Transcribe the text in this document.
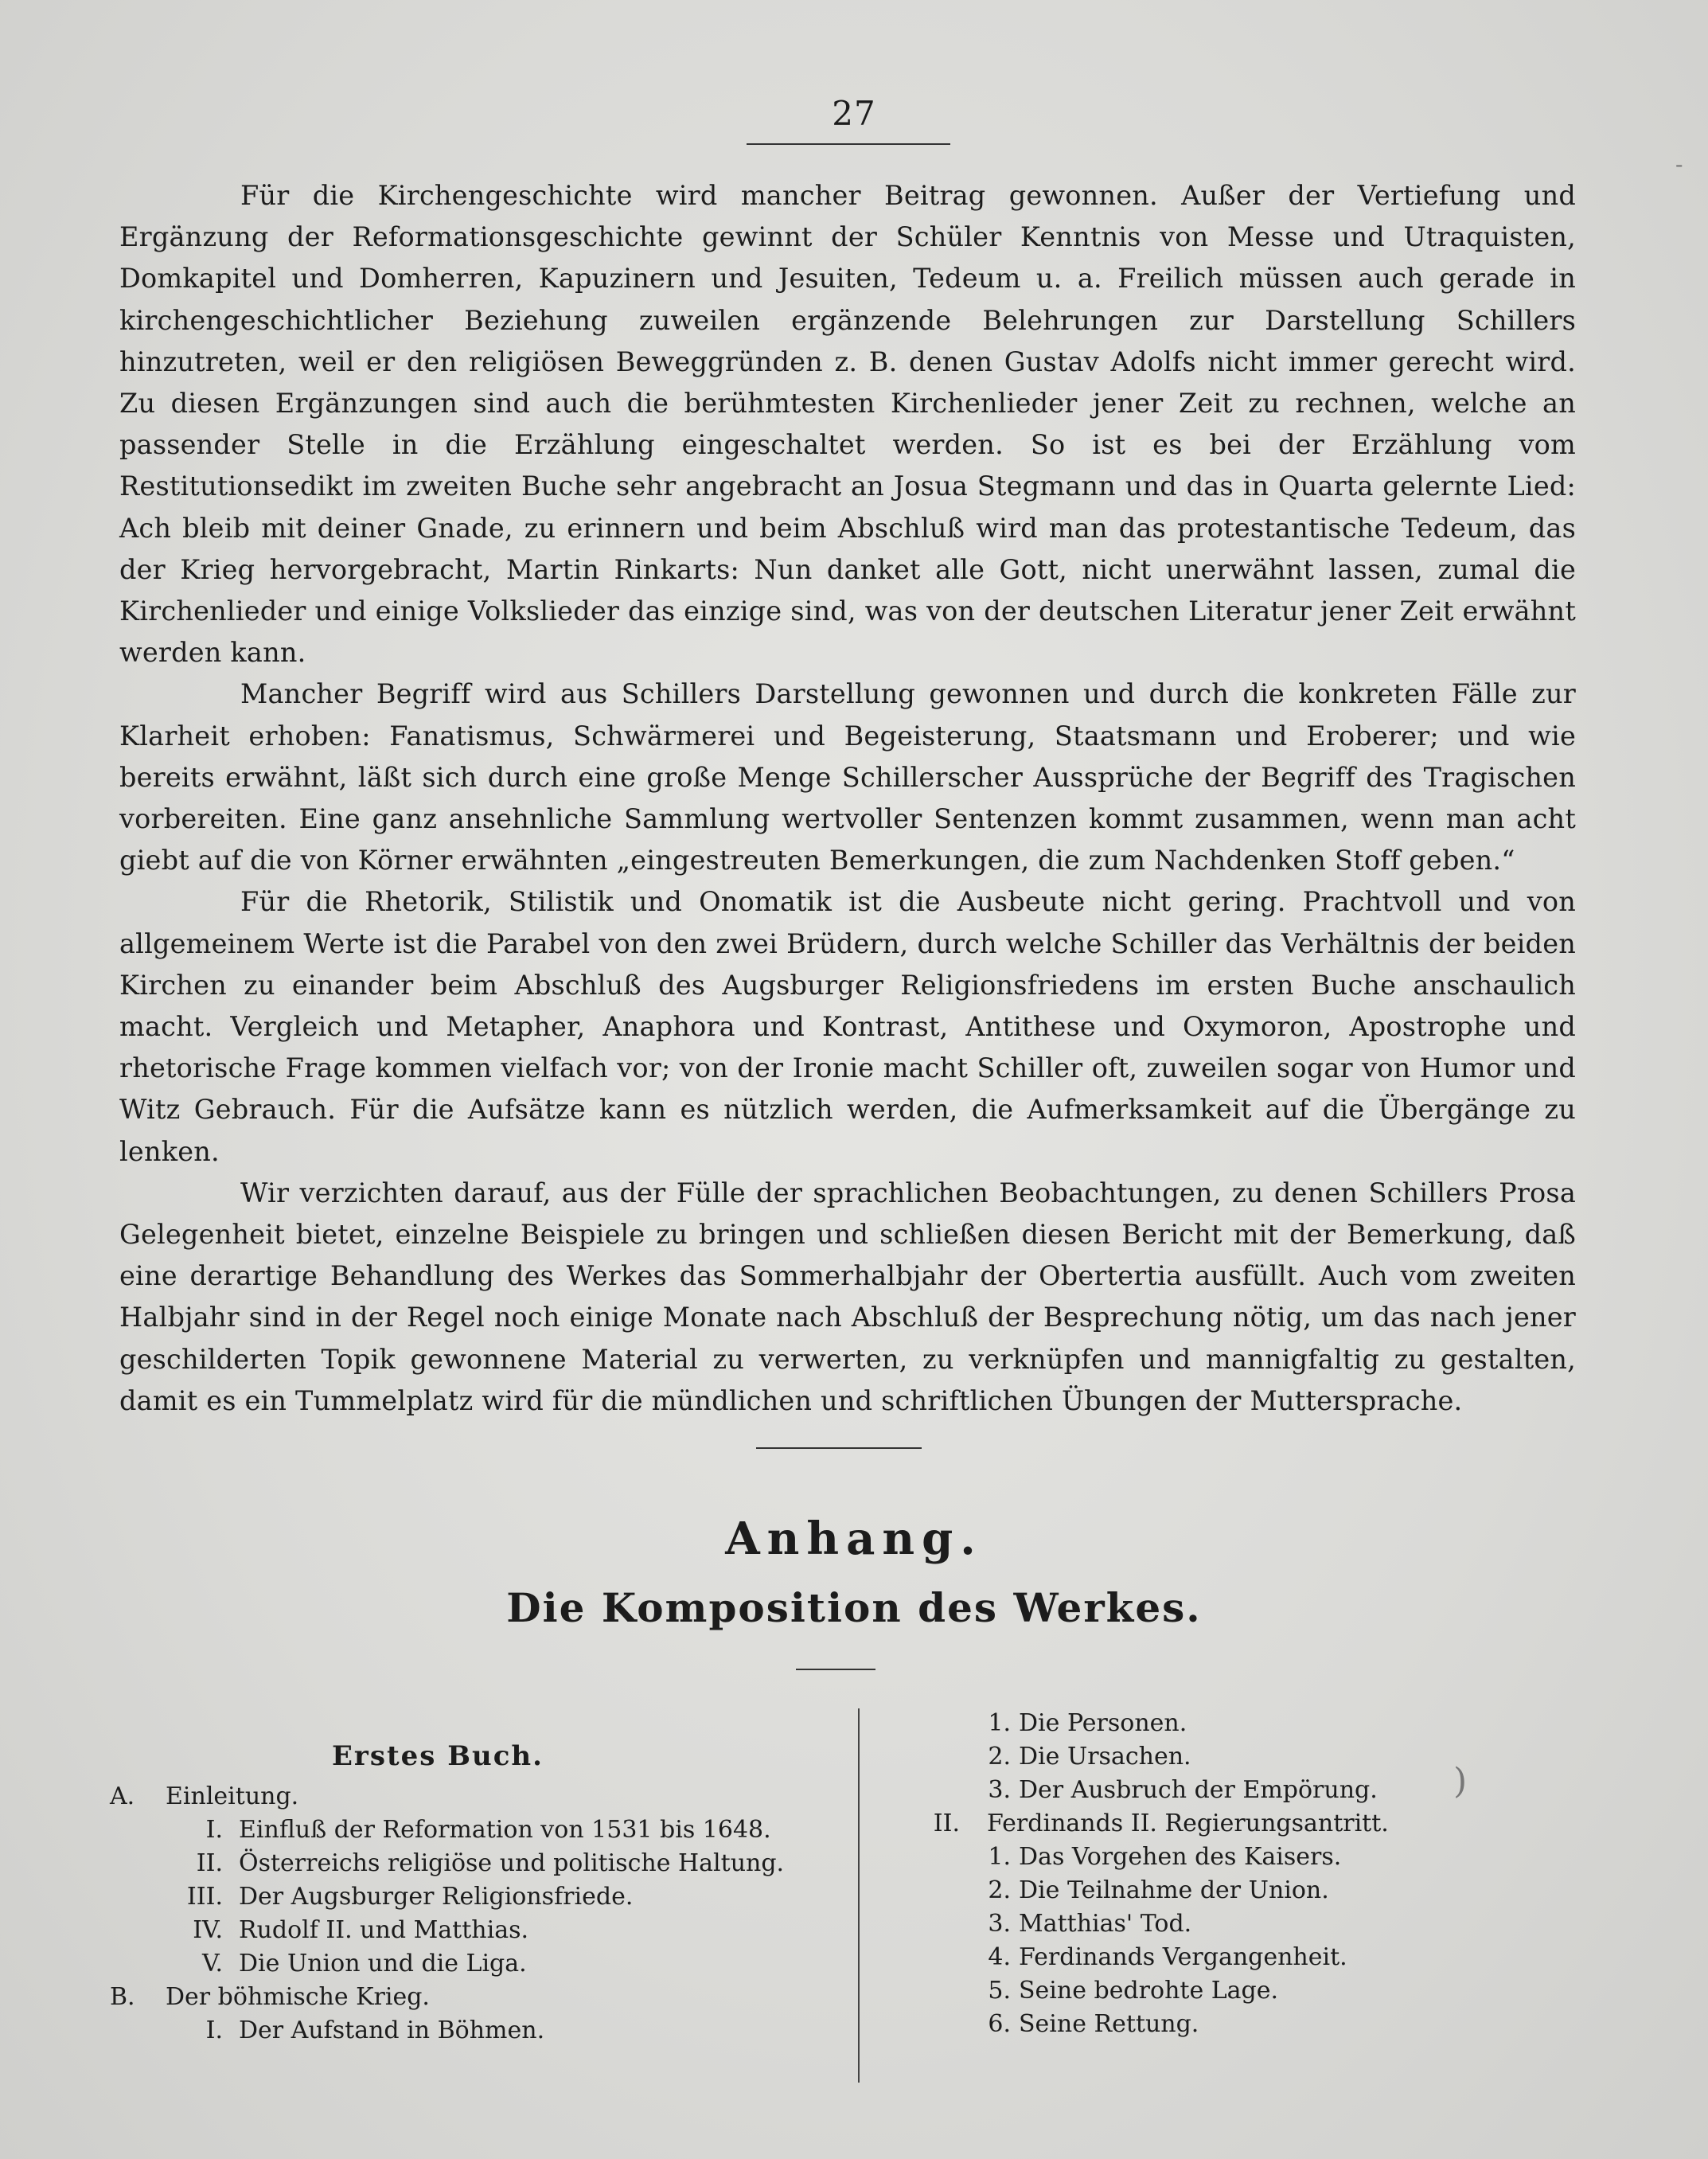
27

Für die Kirchengeschichte wird mancher Beitrag gewonnen. Außer der Vertiefung und Ergänzung der Reformationsgeschichte gewinnt der Schüler Kenntnis von Messe und Utraquisten, Domkapitel und Domherren, Kapuzinern und Jesuiten, Tedeum u. a. Freilich müssen auch gerade in kirchengeschichtlicher Beziehung zuweilen ergänzende Belehrungen zur Darstellung Schillers hinzutreten, weil er den religiösen Beweggründen z. B. denen Gustav Adolfs nicht immer gerecht wird. Zu diesen Ergänzungen sind auch die berühmtesten Kirchenlieder jener Zeit zu rechnen, welche an passender Stelle in die Erzählung eingeschaltet werden. So ist es bei der Erzählung vom Restitutionsedikt im zweiten Buche sehr angebracht an Josua Stegmann und das in Quarta gelernte Lied: Ach bleib mit deiner Gnade, zu erinnern und beim Abschluß wird man das protestantische Tedeum, das der Krieg hervorgebracht, Martin Rinkarts: Nun danket alle Gott, nicht unerwähnt lassen, zumal die Kirchenlieder und einige Volkslieder das einzige sind, was von der deutschen Literatur jener Zeit erwähnt werden kann.

Mancher Begriff wird aus Schillers Darstellung gewonnen und durch die konkreten Fälle zur Klarheit erhoben: Fanatismus, Schwärmerei und Begeisterung, Staatsmann und Eroberer; und wie bereits erwähnt, läßt sich durch eine große Menge Schillerscher Aussprüche der Begriff des Tragischen vorbereiten. Eine ganz ansehnliche Sammlung wertvoller Sentenzen kommt zusammen, wenn man acht giebt auf die von Körner erwähnten „eingestreuten Bemerkungen, die zum Nachdenken Stoff geben.“

Für die Rhetorik, Stilistik und Onomatik ist die Ausbeute nicht gering. Prachtvoll und von allgemeinem Werte ist die Parabel von den zwei Brüdern, durch welche Schiller das Verhältnis der beiden Kirchen zu einander beim Abschluß des Augsburger Religionsfriedens im ersten Buche anschaulich macht. Vergleich und Metapher, Anaphora und Kontrast, Antithese und Oxymoron, Apostrophe und rhetorische Frage kommen vielfach vor; von der Ironie macht Schiller oft, zuweilen sogar von Humor und Witz Gebrauch. Für die Aufsätze kann es nützlich werden, die Aufmerksamkeit auf die Übergänge zu lenken.

Wir verzichten darauf, aus der Fülle der sprachlichen Beobachtungen, zu denen Schillers Prosa Gelegenheit bietet, einzelne Beispiele zu bringen und schließen diesen Bericht mit der Bemerkung, daß eine derartige Behandlung des Werkes das Sommerhalbjahr der Obertertia ausfüllt. Auch vom zweiten Halbjahr sind in der Regel noch einige Monate nach Abschluß der Besprechung nötig, um das nach jener geschilderten Topik gewonnene Material zu verwerten, zu verknüpfen und mannigfaltig zu gestalten, damit es ein Tummelplatz wird für die mündlichen und schriftlichen Übungen der Muttersprache.

Anhang.
Die Komposition des Werkes.
Erstes Buch.
A. Einleitung.
I. Einfluß der Reformation von 1531 bis 1648.
II. Österreichs religiöse und politische Haltung.
III. Der Augsburger Religionsfriede.
IV. Rudolf II. und Matthias.
V. Die Union und die Liga.
B. Der böhmische Krieg.
I. Der Aufstand in Böhmen.
1. Die Personen.
2. Die Ursachen.
3. Der Ausbruch der Empörung.
II. Ferdinands II. Regierungsantritt.
1. Das Vorgehen des Kaisers.
2. Die Teilnahme der Union.
3. Matthias' Tod.
4. Ferdinands Vergangenheit.
5. Seine bedrohte Lage.
6. Seine Rettung.
-
)
